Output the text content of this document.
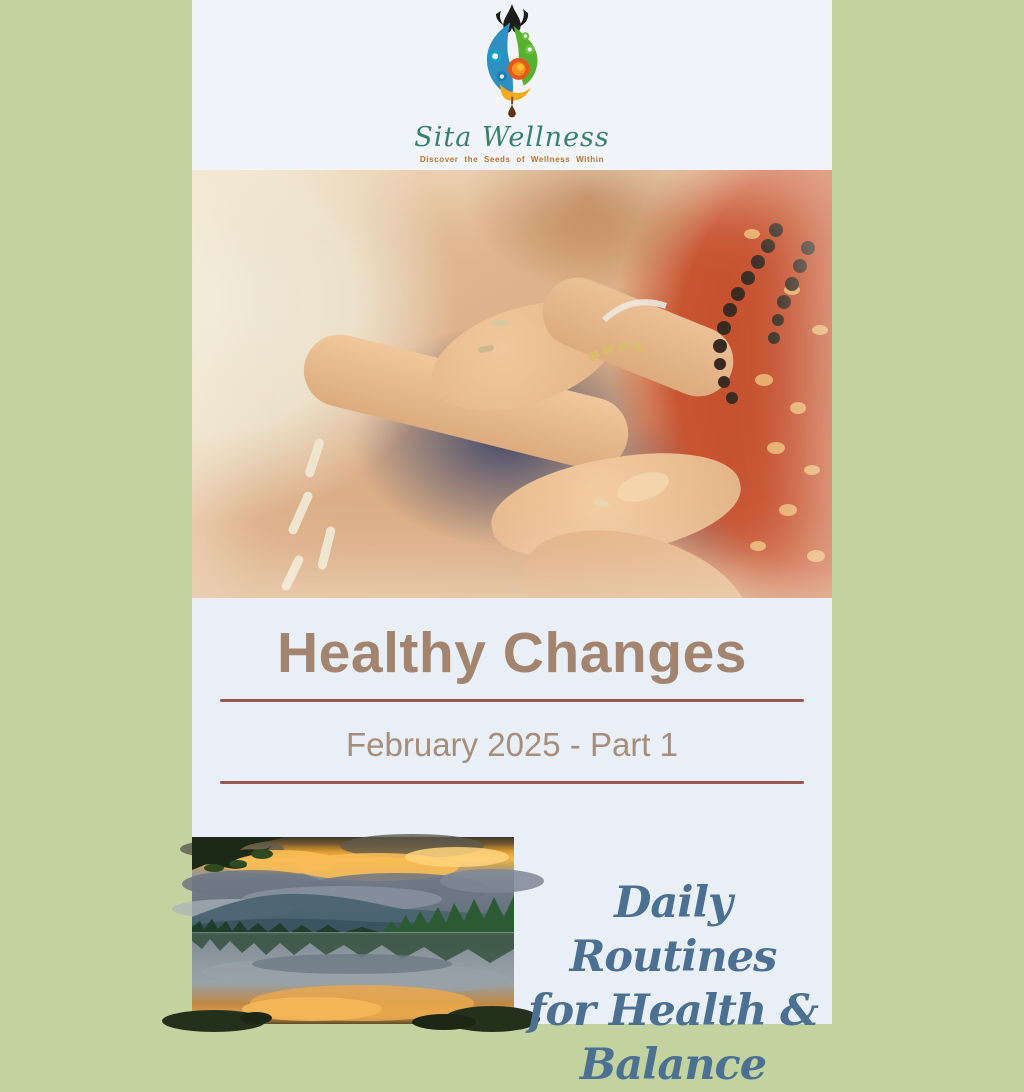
Sita Wellness
Discover the Seeds of Wellness Within
Healthy Changes
February 2025 - Part 1
Daily Routines
for Health &
Balance
